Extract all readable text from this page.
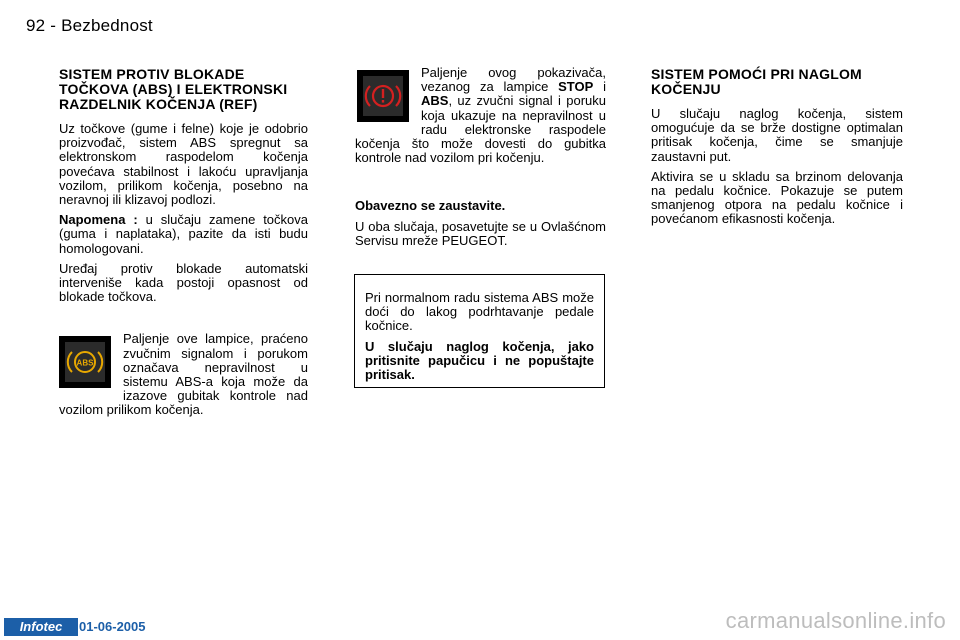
92 - Bezbednost
SISTEM PROTIV BLOKADE TOČKOVA (ABS) I ELEKTRONSKI RAZDELNIK KOČENJA (REF)

Uz točkove (gume i felne) koje je odobrio proizvođač, sistem ABS spregnut sa elektronskom raspodelom kočenja povećava stabilnost i lakoću upravljanja vozilom, prilikom kočenja, posebno na neravnoj ili klizavoj podlozi.

Napomena : u slučaju zamene točkova (guma i naplataka), pazite da isti budu homologovani.

Uređaj protiv blokade automatski interveniše kada postoji opasnost od blokade točkova.

ABS

Paljenje ove lampice, praćeno zvučnim signalom i porukom označava nepravilnost u sistemu ABS-a koja može da izazove gubitak kontrole nad vozilom prilikom kočenja.

Paljenje ovog pokazivača, vezanog za lampice STOP i ABS, uz zvučni signal i poruku koja ukazuje na nepravilnost u radu elektronske raspodele kočenja što može dovesti do gubitka kontrole nad vozilom pri kočenju.

Obavezno se zaustavite.

U oba slučaja, posavetujte se u Ovlašćnom Servisu mreže PEUGEOT.

Pri normalnom radu sistema ABS može doći do lakog podrhtavanje pedale kočnice.

U slučaju naglog kočenja, jako pritisnite papučicu i ne popuštajte pritisak.

SISTEM POMOĆI PRI NAGLOM KOČENJU

U slučaju naglog kočenja, sistem omogućuje da se brže dostigne optimalan pritisak kočenja, čime se smanjuje zaustavni put.

Aktivira se u skladu sa brzinom delovanja na pedalu kočnice. Pokazuje se putem smanjenog otpora na pedalu kočnice i povećanom efikasnosti kočenja.

Infotec	01-06-2005	carmanualsonline.info
